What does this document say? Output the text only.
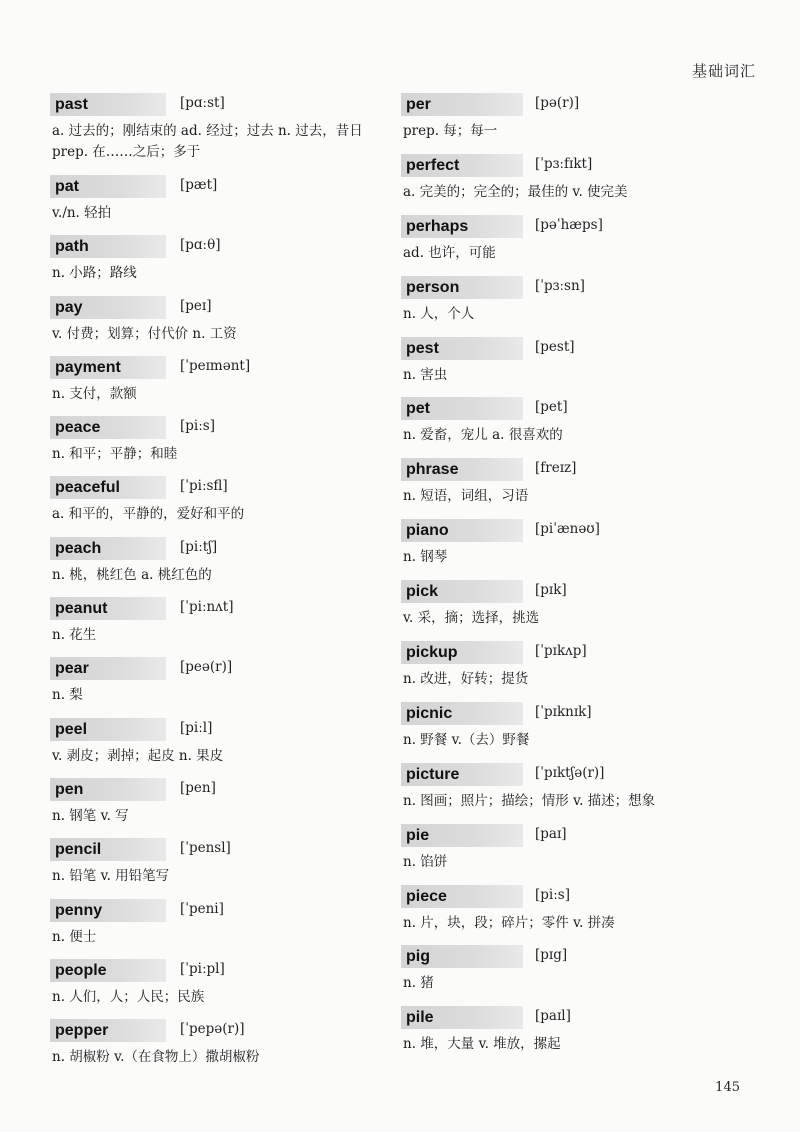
基础词汇
past	[pɑːst]
a. 过去的；刚结束的 ad. 经过；过去 n. 过去，昔日 prep. 在……之后；多于
pat	[pæt]
v./n. 轻拍
path	[pɑːθ]
n. 小路；路线
pay	[peɪ]
v. 付费；划算；付代价 n. 工资
payment	[ˈpeɪmənt]
n. 支付，款额
peace	[piːs]
n. 和平；平静；和睦
peaceful	[ˈpiːsfl]
a. 和平的，平静的，爱好和平的
peach	[piːtʃ]
n. 桃，桃红色 a. 桃红色的
peanut	[ˈpiːnʌt]
n. 花生
pear	[peə(r)]
n. 梨
peel	[piːl]
v. 剥皮；剥掉；起皮 n. 果皮
pen	[pen]
n. 钢笔 v. 写
pencil	[ˈpensl]
n. 铅笔 v. 用铅笔写
penny	[ˈpeni]
n. 便士
people	[ˈpiːpl]
n. 人们，人；人民；民族
pepper	[ˈpepə(r)]
n. 胡椒粉 v.（在食物上）撒胡椒粉
per	[pə(r)]
prep. 每；每一
perfect	[ˈpɜːfɪkt]
a. 完美的；完全的；最佳的 v. 使完美
perhaps	[pəˈhæps]
ad. 也许，可能
person	[ˈpɜːsn]
n. 人，个人
pest	[pest]
n. 害虫
pet	[pet]
n. 爱畜，宠儿 a. 很喜欢的
phrase	[freɪz]
n. 短语，词组，习语
piano	[piˈænəʊ]
n. 钢琴
pick	[pɪk]
v. 采，摘；选择，挑选
pickup	[ˈpɪkʌp]
n. 改进，好转；提货
picnic	[ˈpɪknɪk]
n. 野餐 v.（去）野餐
picture	[ˈpɪktʃə(r)]
n. 图画；照片；描绘；情形 v. 描述；想象
pie	[paɪ]
n. 馅饼
piece	[piːs]
n. 片，块，段；碎片；零件 v. 拼凑
pig	[pɪg]
n. 猪
pile	[paɪl]
n. 堆，大量 v. 堆放，摞起
145
